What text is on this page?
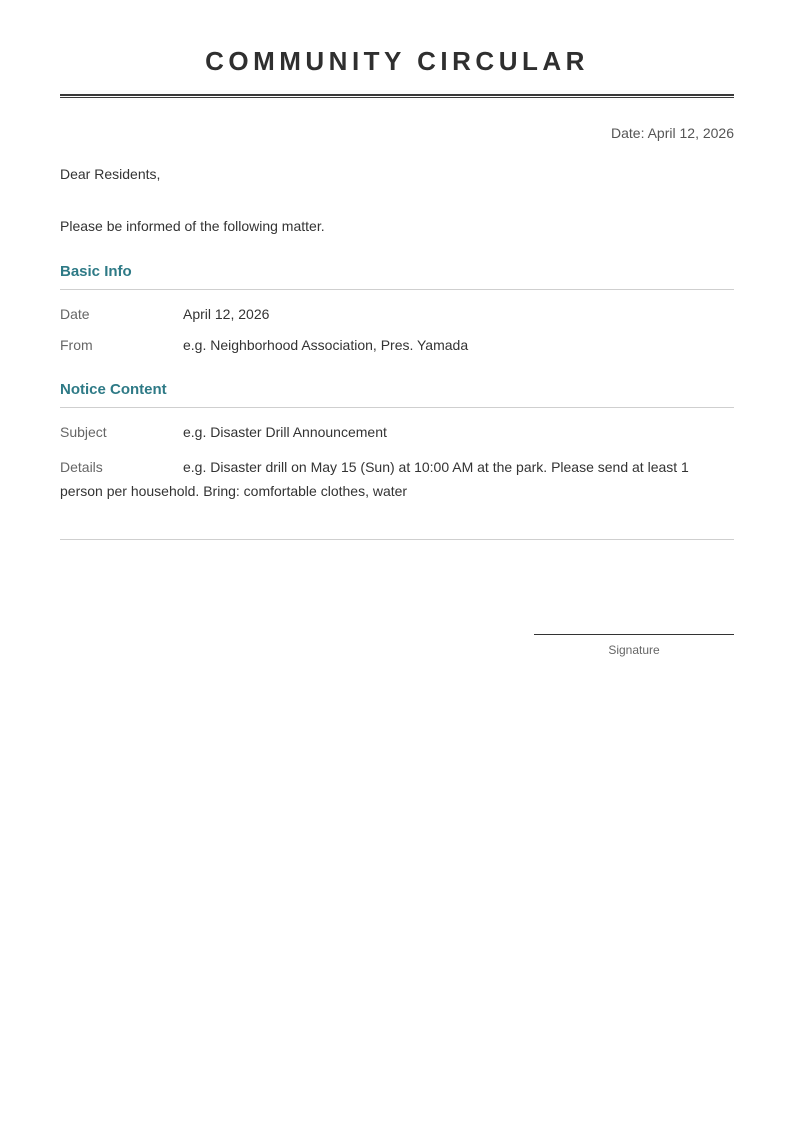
COMMUNITY CIRCULAR
Date: April 12, 2026
Dear Residents,
Please be informed of the following matter.
Basic Info
Date	April 12, 2026
From	e.g. Neighborhood Association, Pres. Yamada
Notice Content
Subject	e.g. Disaster Drill Announcement
Details	e.g. Disaster drill on May 15 (Sun) at 10:00 AM at the park. Please send at least 1 person per household. Bring: comfortable clothes, water
Signature
